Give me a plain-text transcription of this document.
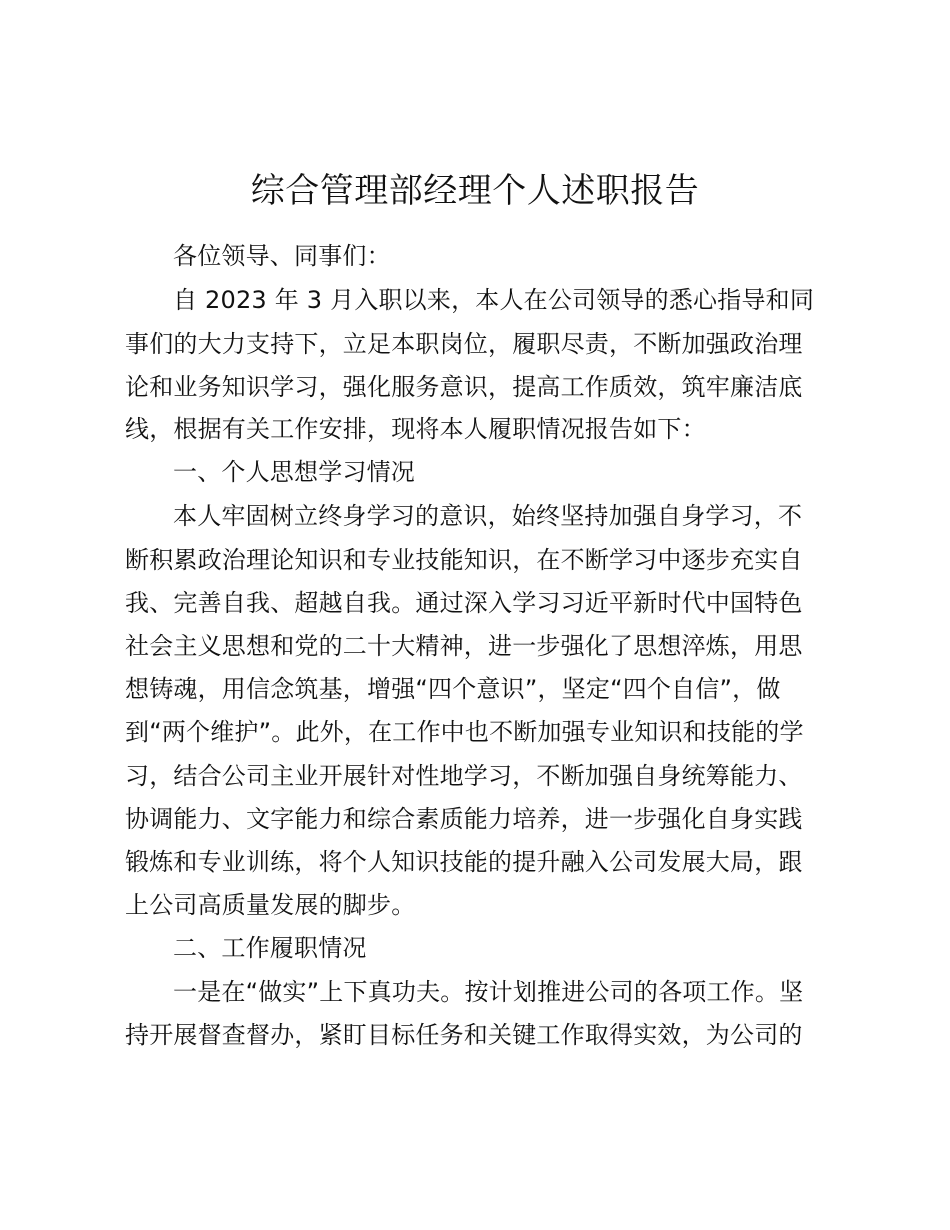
综合管理部经理个人述职报告
各位领导、同事们：
自 2023 年 3 月入职以来，本人在公司领导的悉心指导和同
事们的大力支持下，立足本职岗位，履职尽责，不断加强政治理
论和业务知识学习，强化服务意识，提高工作质效，筑牢廉洁底
线，根据有关工作安排，现将本人履职情况报告如下：
一、个人思想学习情况
本人牢固树立终身学习的意识，始终坚持加强自身学习，不
断积累政治理论知识和专业技能知识，在不断学习中逐步充实自
我、完善自我、超越自我。通过深入学习习近平新时代中国特色
社会主义思想和党的二十大精神，进一步强化了思想淬炼，用思
想铸魂，用信念筑基，增强“四个意识”，坚定“四个自信”，做
到“两个维护”。此外，在工作中也不断加强专业知识和技能的学
习，结合公司主业开展针对性地学习，不断加强自身统筹能力、
协调能力、文字能力和综合素质能力培养，进一步强化自身实践
锻炼和专业训练，将个人知识技能的提升融入公司发展大局，跟
上公司高质量发展的脚步。
二、工作履职情况
一是在“做实”上下真功夫。按计划推进公司的各项工作。坚
持开展督查督办，紧盯目标任务和关键工作取得实效，为公司的
